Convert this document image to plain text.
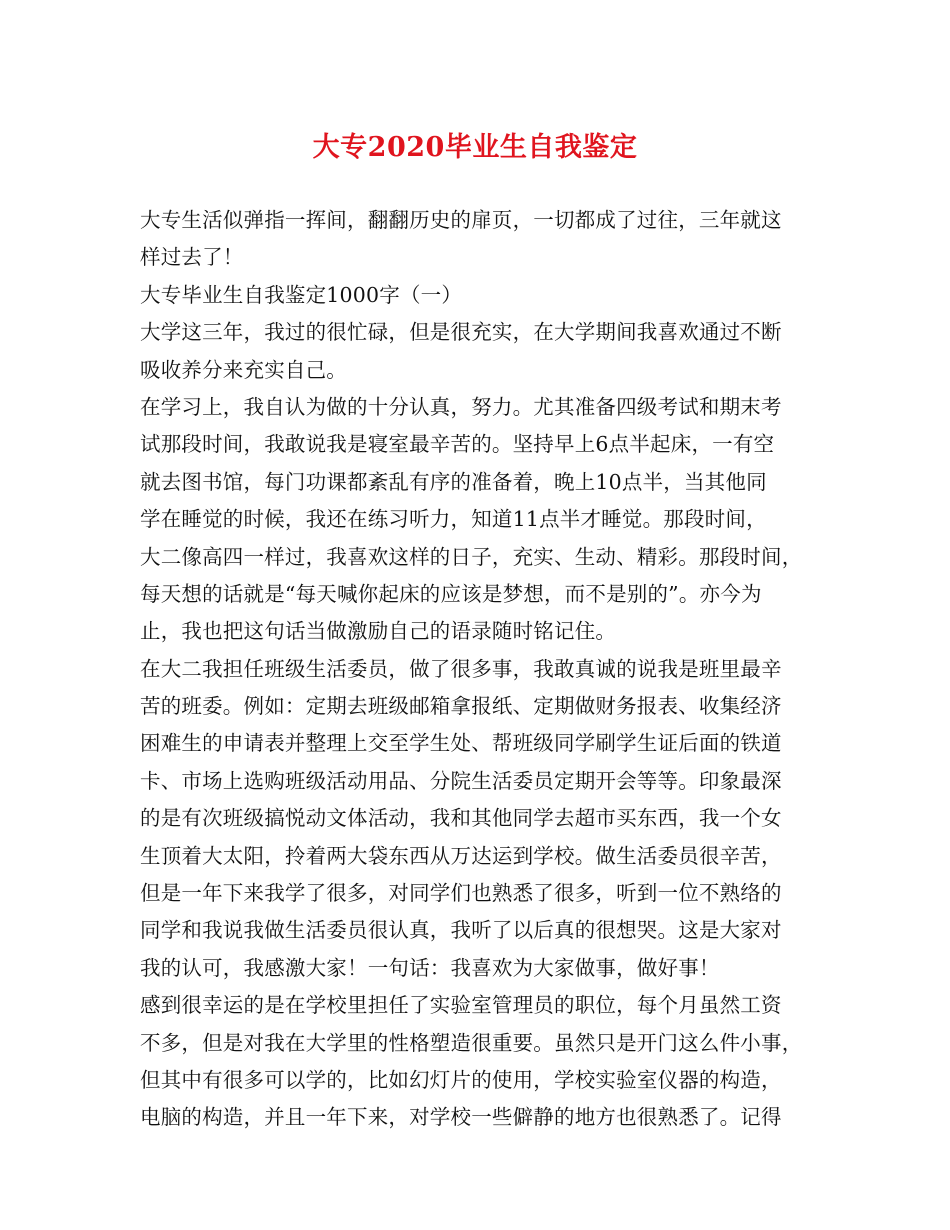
大专2020毕业生自我鉴定

大专生活似弹指一挥间，翻翻历史的扉页，一切都成了过往，三年就这

样过去了！

大专毕业生自我鉴定1000字（一）

大学这三年，我过的很忙碌，但是很充实，在大学期间我喜欢通过不断

吸收养分来充实自己。

在学习上，我自认为做的十分认真，努力。尤其准备四级考试和期末考

试那段时间，我敢说我是寝室最辛苦的。坚持早上6点半起床，一有空

就去图书馆，每门功课都紊乱有序的准备着，晚上10点半，当其他同

学在睡觉的时候，我还在练习听力，知道11点半才睡觉。那段时间，

大二像高四一样过，我喜欢这样的日子，充实、生动、精彩。那段时间，

每天想的话就是“每天喊你起床的应该是梦想，而不是别的”。亦今为

止，我也把这句话当做激励自己的语录随时铭记住。

在大二我担任班级生活委员，做了很多事，我敢真诚的说我是班里最辛

苦的班委。例如：定期去班级邮箱拿报纸、定期做财务报表、收集经济

困难生的申请表并整理上交至学生处、帮班级同学刷学生证后面的铁道

卡、市场上选购班级活动用品、分院生活委员定期开会等等。印象最深

的是有次班级搞悦动文体活动，我和其他同学去超市买东西，我一个女

生顶着大太阳，拎着两大袋东西从万达运到学校。做生活委员很辛苦，

但是一年下来我学了很多，对同学们也熟悉了很多，听到一位不熟络的

同学和我说我做生活委员很认真，我听了以后真的很想哭。这是大家对

我的认可，我感激大家！一句话：我喜欢为大家做事，做好事！

感到很幸运的是在学校里担任了实验室管理员的职位，每个月虽然工资

不多，但是对我在大学里的性格塑造很重要。虽然只是开门这么件小事，

但其中有很多可以学的，比如幻灯片的使用，学校实验室仪器的构造，

电脑的构造，并且一年下来，对学校一些僻静的地方也很熟悉了。记得
